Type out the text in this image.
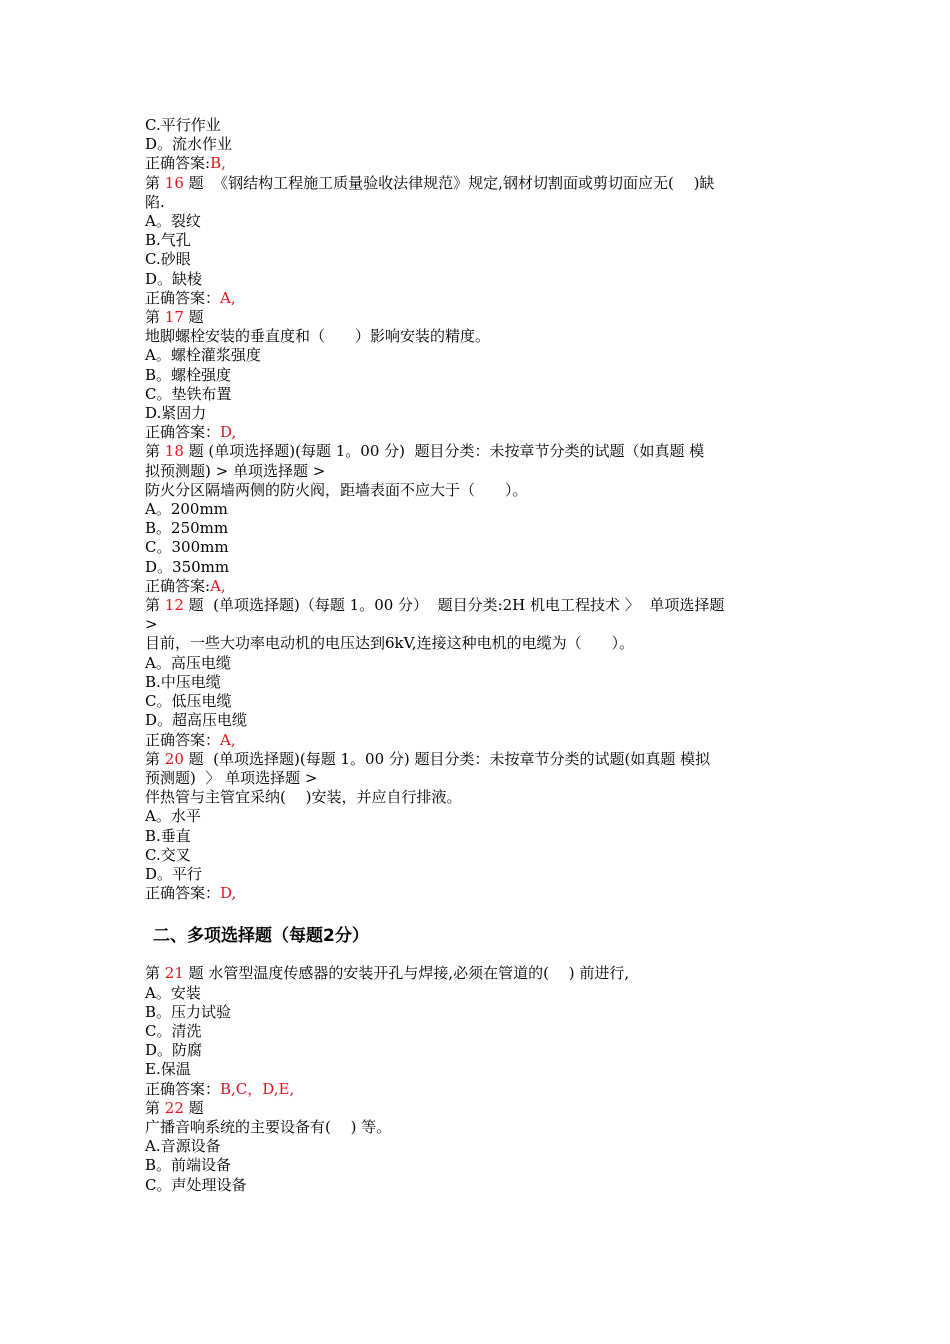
C.平行作业
D。流水作业
正确答案:B,
第 16 题  《钢结构工程施工质量验收法律规范》规定,钢材切割面或剪切面应无(　 )缺
陷.
A。裂纹
B.气孔
C.砂眼
D。缺棱
正确答案：A,
第 17 题
地脚螺栓安装的垂直度和（　　）影响安装的精度。
A。螺栓灌浆强度
B。螺栓强度
C。垫铁布置
D.紧固力
正确答案：D,
第 18 题 (单项选择题)(每题 1。00 分)  题目分类：未按章节分类的试题（如真题 模
拟预测题) > 单项选择题 >
防火分区隔墙两侧的防火阀，距墙表面不应大于（　　）。
A。200mm
B。250mm
C。300mm
D。350mm
正确答案:A,
第 12 题  (单项选择题)（每题 1。00 分）  题目分类:2H 机电工程技术 〉  单项选择题
>
目前，一些大功率电动机的电压达到6kV,连接这种电机的电缆为（　　）。
A。高压电缆
B.中压电缆
C。低压电缆
D。超高压电缆
正确答案：A,
第 20 题  (单项选择题)(每题 1。00 分) 题目分类：未按章节分类的试题(如真题 模拟
预测题)  〉 单项选择题 >
伴热管与主管宜采纳(　 )安装，并应自行排液。
A。水平
B.垂直
C.交叉
D。平行
正确答案：D,
二、多项选择题（每题2分）
第 21 题 水管型温度传感器的安装开孔与焊接,必须在管道的(　 ) 前进行,
A。安装
B。压力试验
C。清洗
D。防腐
E.保温
正确答案：B,C，D,E,
第 22 题
广播音响系统的主要设备有(　 ) 等。
A.音源设备
B。前端设备
C。声处理设备
